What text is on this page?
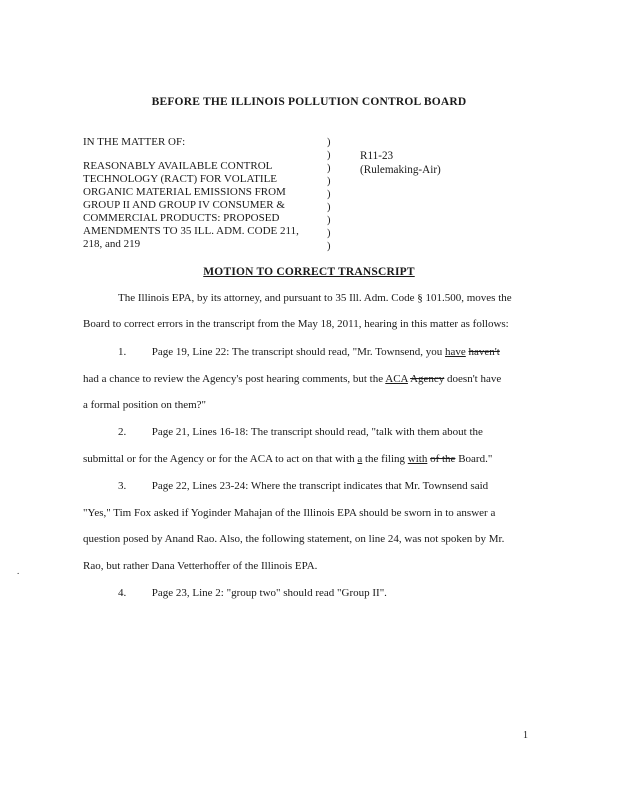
BEFORE THE ILLINOIS POLLUTION CONTROL BOARD
IN THE MATTER OF:
REASONABLY AVAILABLE CONTROL
TECHNOLOGY (RACT) FOR VOLATILE
ORGANIC MATERIAL EMISSIONS FROM
GROUP II AND GROUP IV CONSUMER &
COMMERCIAL PRODUCTS: PROPOSED
AMENDMENTS TO 35 ILL. ADM. CODE 211,
218, and 219
)
)
)
)
)
)
)
)
)
R11-23
(Rulemaking-Air)
MOTION TO CORRECT TRANSCRIPT
The Illinois EPA, by its attorney, and pursuant to 35 Ill. Adm. Code § 101.500, moves the
Board to correct errors in the transcript from the May 18, 2011, hearing in this matter as follows:
1. Page 19, Line 22: The transcript should read, "Mr. Townsend, you have haven't
had a chance to review the Agency's post hearing comments, but the ACA Agency doesn't have
a formal position on them?"
2. Page 21, Lines 16-18: The transcript should read, "talk with them about the
submittal or for the Agency or for the ACA to act on that with a the filing with of the Board."
3. Page 22, Lines 23-24: Where the transcript indicates that Mr. Townsend said
"Yes," Tim Fox asked if Yoginder Mahajan of the Illinois EPA should be sworn in to answer a
question posed by Anand Rao. Also, the following statement, on line 24, was not spoken by Mr.
Rao, but rather Dana Vetterhoffer of the Illinois EPA.
4. Page 23, Line 2: "group two" should read "Group II".
1
.
